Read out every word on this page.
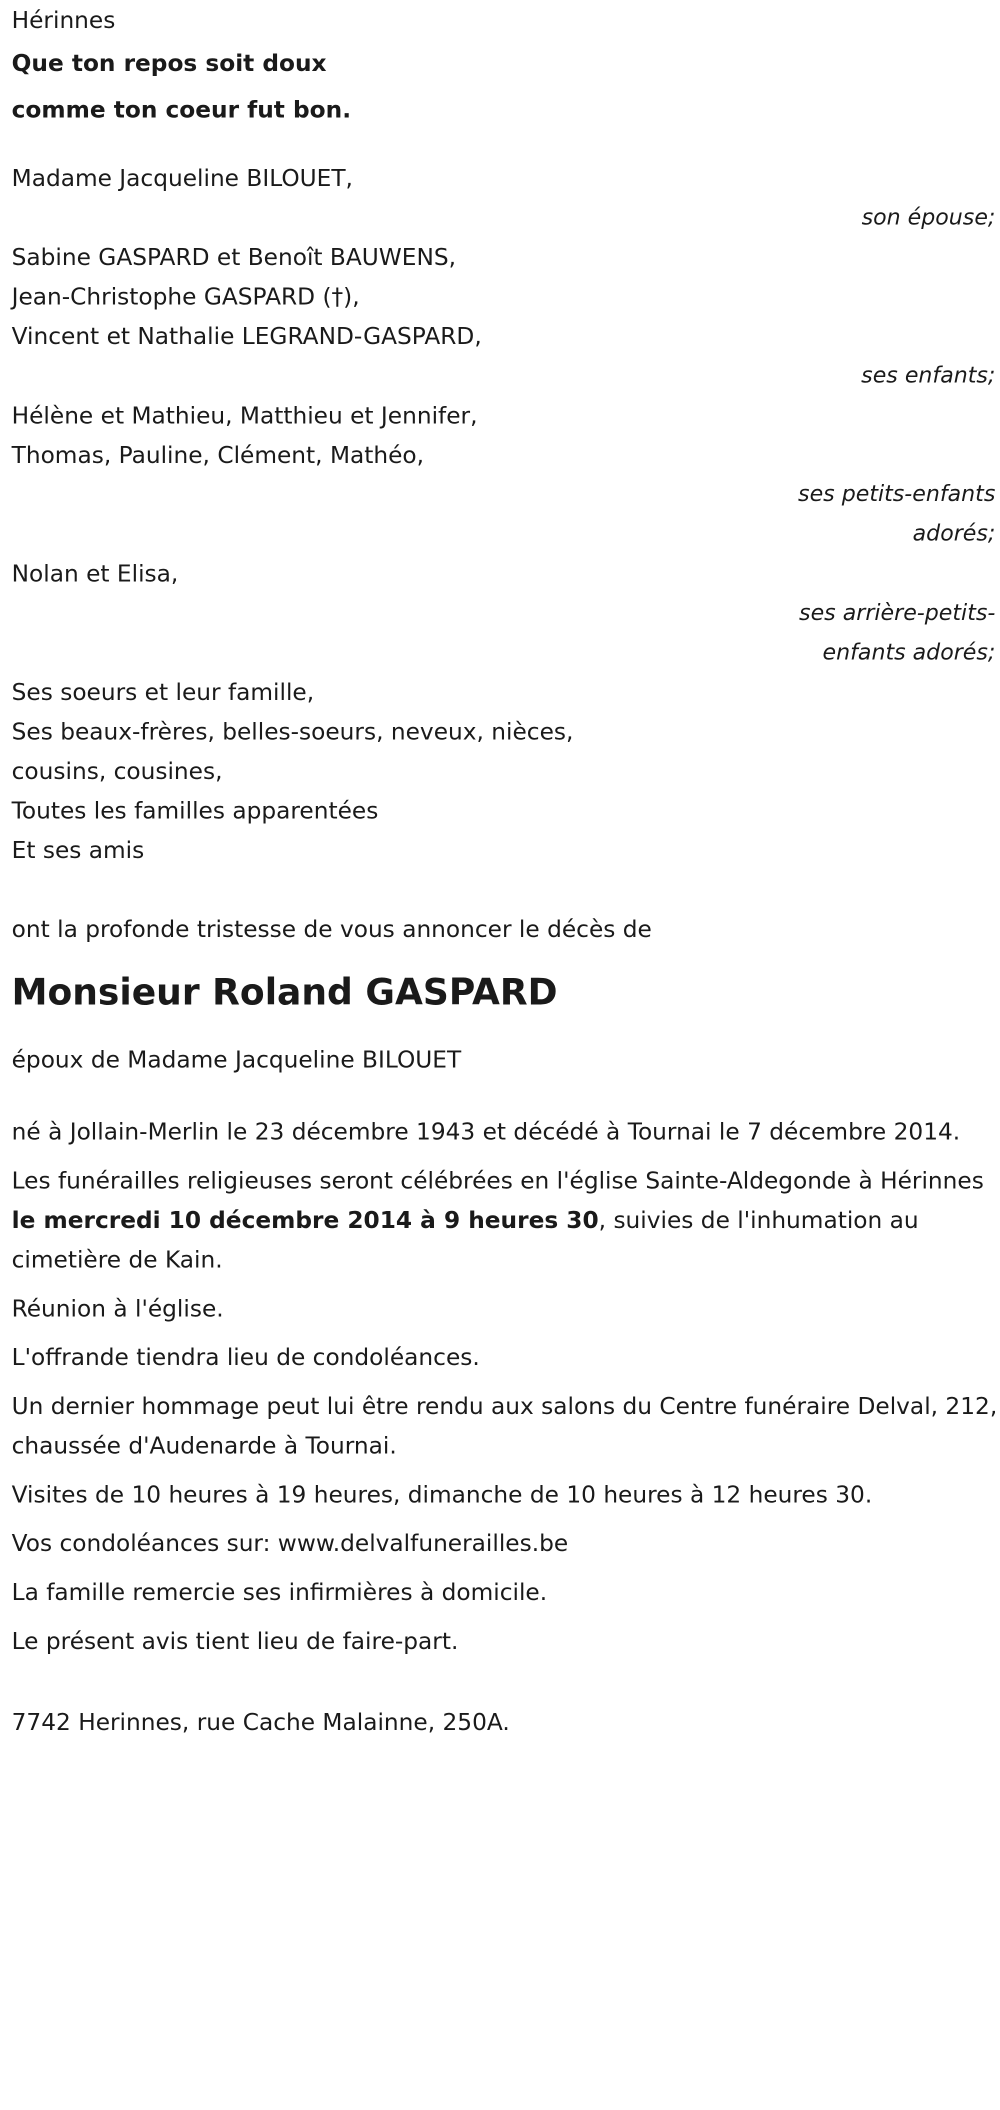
Hérinnes
Que ton repos soit doux
comme ton coeur fut bon.
Madame Jacqueline BILOUET,
son épouse;
Sabine GASPARD et Benoît BAUWENS,
Jean-Christophe GASPARD (†),
Vincent et Nathalie LEGRAND-GASPARD,
ses enfants;
Hélène et Mathieu, Matthieu et Jennifer,
Thomas, Pauline, Clément, Mathéo,
ses petits-enfants
adorés;
Nolan et Elisa,
ses arrière-petits-
enfants adorés;
Ses soeurs et leur famille,
Ses beaux-frères, belles-soeurs, neveux, nièces,
cousins, cousines,
Toutes les familles apparentées
Et ses amis
ont la profonde tristesse de vous annoncer le décès de
Monsieur Roland GASPARD
époux de Madame Jacqueline BILOUET

né à Jollain-Merlin le 23 décembre 1943 et décédé à Tournai le 7 décembre 2014.

Les funérailles religieuses seront célébrées en l'église Sainte-Aldegonde à Hérinnes le mercredi 10 décembre 2014 à 9 heures 30, suivies de l'inhumation au cimetière de Kain.

Réunion à l'église.

L'offrande tiendra lieu de condoléances.

Un dernier hommage peut lui être rendu aux salons du Centre funéraire Delval, 212, chaussée d'Audenarde à Tournai.

Visites de 10 heures à 19 heures, dimanche de 10 heures à 12 heures 30.

Vos condoléances sur: www.delvalfunerailles.be

La famille remercie ses infirmières à domicile.

Le présent avis tient lieu de faire-part.

7742 Herinnes, rue Cache Malainne, 250A.
